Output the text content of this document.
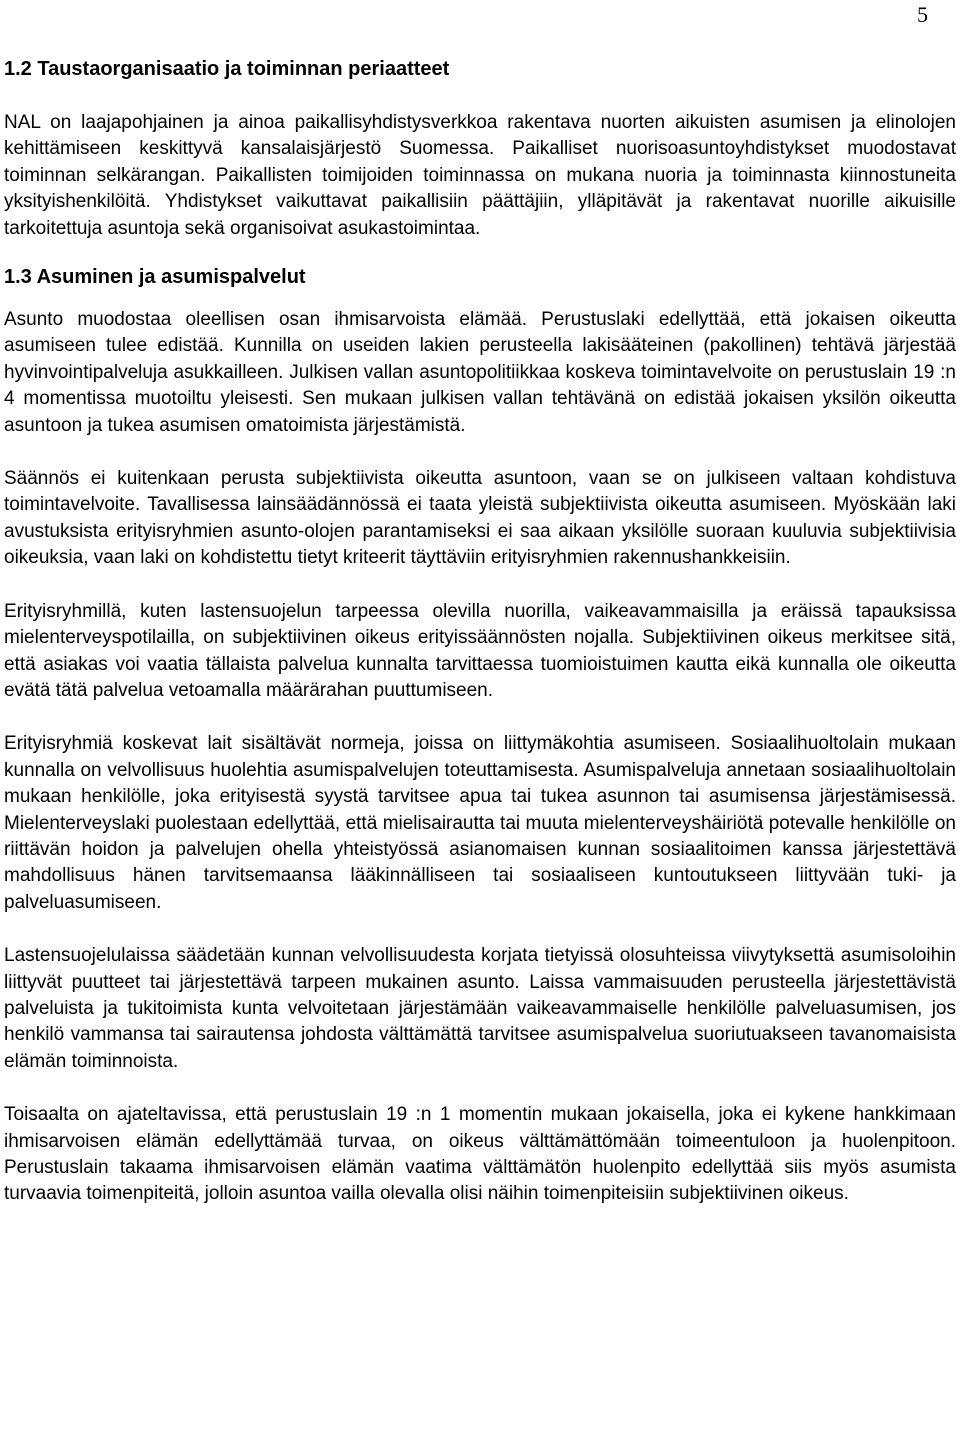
5
1.2 Taustaorganisaatio ja toiminnan periaatteet

NAL on laajapohjainen ja ainoa paikallisyhdistysverkkoa rakentava nuorten aikuisten asumisen ja elinolojen kehittämiseen keskittyvä kansalaisjärjestö Suomessa. Paikalliset nuorisoasuntoyhdistykset muodostavat toiminnan selkärangan. Paikallisten toimijoiden toiminnassa on mukana nuoria ja toiminnasta kiinnostuneita yksityishenkilöitä. Yhdistykset vaikuttavat paikallisiin päättäjiin, ylläpitävät ja rakentavat nuorille aikuisille tarkoitettuja asuntoja sekä organisoivat asukastoimintaa.

1.3 Asuminen ja asumispalvelut

Asunto muodostaa oleellisen osan ihmisarvoista elämää. Perustuslaki edellyttää, että jokaisen oikeutta asumiseen tulee edistää. Kunnilla on useiden lakien perusteella lakisääteinen (pakollinen) tehtävä järjestää hyvinvointipalveluja asukkailleen. Julkisen vallan asuntopolitiikkaa koskeva toimintavelvoite on perustuslain 19 :n 4 momentissa muotoiltu yleisesti. Sen mukaan julkisen vallan tehtävänä on edistää jokaisen yksilön oikeutta asuntoon ja tukea asumisen omatoimista järjestämistä.

Säännös ei kuitenkaan perusta subjektiivista oikeutta asuntoon, vaan se on julkiseen valtaan kohdistuva toimintavelvoite. Tavallisessa lainsäädännössä ei taata yleistä subjektiivista oikeutta asumiseen. Myöskään laki avustuksista erityisryhmien asunto-olojen parantamiseksi ei saa aikaan yksilölle suoraan kuuluvia subjektiivisia oikeuksia, vaan laki on kohdistettu tietyt kriteerit täyttäviin erityisryhmien rakennushankkeisiin.

Erityisryhmillä, kuten lastensuojelun tarpeessa olevilla nuorilla, vaikeavammaisilla ja eräissä tapauksissa mielenterveyspotilailla, on subjektiivinen oikeus erityissäännösten nojalla. Subjektiivinen oikeus merkitsee sitä, että asiakas voi vaatia tällaista palvelua kunnalta tarvittaessa tuomioistuimen kautta eikä kunnalla ole oikeutta evätä tätä palvelua vetoamalla määrärahan puuttumiseen.

Erityisryhmiä koskevat lait sisältävät normeja, joissa on liittymäkohtia asumiseen. Sosiaalihuoltolain mukaan kunnalla on velvollisuus huolehtia asumispalvelujen toteuttamisesta. Asumispalveluja annetaan sosiaalihuoltolain mukaan henkilölle, joka erityisestä syystä tarvitsee apua tai tukea asunnon tai asumisensa järjestämisessä. Mielenterveyslaki puolestaan edellyttää, että mielisairautta tai muuta mielenterveyshäiriötä potevalle henkilölle on riittävän hoidon ja palvelujen ohella yhteistyössä asianomaisen kunnan sosiaalitoimen kanssa järjestettävä mahdollisuus hänen tarvitsemaansa lääkinnälliseen tai sosiaaliseen kuntoutukseen liittyvään tuki- ja palveluasumiseen.

Lastensuojelulaissa säädetään kunnan velvollisuudesta korjata tietyissä olosuhteissa viivytyksettä asumisoloihin liittyvät puutteet tai järjestettävä tarpeen mukainen asunto. Laissa vammaisuuden perusteella järjestettävistä palveluista ja tukitoimista kunta velvoitetaan järjestämään vaikeavammaiselle henkilölle palveluasumisen, jos henkilö vammansa tai sairautensa johdosta välttämättä tarvitsee asumispalvelua suoriutuakseen tavanomaisista elämän toiminnoista.

Toisaalta on ajateltavissa, että perustuslain 19 :n 1 momentin mukaan jokaisella, joka ei kykene hankkimaan ihmisarvoisen elämän edellyttämää turvaa, on oikeus välttämättömään toimeentuloon ja huolenpitoon. Perustuslain takaama ihmisarvoisen elämän vaatima välttämätön huolenpito edellyttää siis myös asumista turvaavia toimenpiteitä, jolloin asuntoa vailla olevalla olisi näihin toimenpiteisiin subjektiivinen oikeus.
